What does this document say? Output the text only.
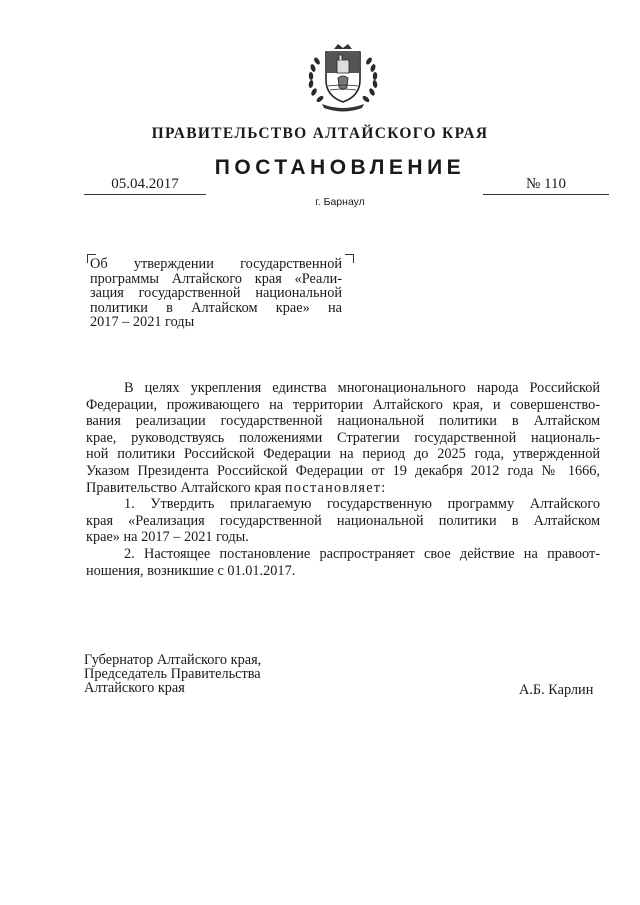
ПРАВИТЕЛЬСТВО АЛТАЙСКОГО КРАЯ
ПОСТАНОВЛЕНИЕ
05.04.2017	№ 110
г. Барнаул
Об утверждении государственной
программы Алтайского края «Реали-
зация государственной национальной
политики в Алтайском крае» на
2017 – 2021 годы
В целях укрепления единства многонационального народа Российской
Федерации, проживающего на территории Алтайского края, и совершенство-
вания реализации государственной национальной политики в Алтайском
крае, руководствуясь положениями Стратегии государственной националь-
ной политики Российской Федерации на период до 2025 года, утвержденной
Указом Президента Российской Федерации от 19 декабря 2012 года № 1666,
Правительство Алтайского края постановляет:
1. Утвердить прилагаемую государственную программу Алтайского
края «Реализация государственной национальной политики в Алтайском
крае» на 2017 – 2021 годы.
2. Настоящее постановление распространяет свое действие на правоот-
ношения, возникшие с 01.01.2017.
Губернатор Алтайского края,
Председатель Правительства
Алтайского края	А.Б. Карлин
